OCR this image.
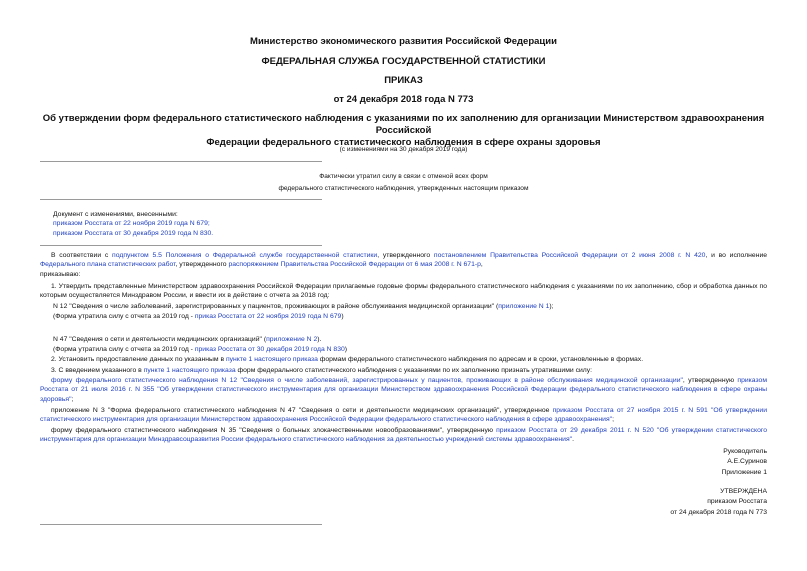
Министерство экономического развития Российской Федерации
ФЕДЕРАЛЬНАЯ СЛУЖБА ГОСУДАРСТВЕННОЙ СТАТИСТИКИ
ПРИКАЗ
от 24 декабря 2018 года N 773
Об утверждении форм федерального статистического наблюдения с указаниями по их заполнению для организации Министерством здравоохранения Российской
Федерации федерального статистического наблюдения в сфере охраны здоровья
(с изменениями на 30 декабря 2019 года)
Фактически утратил силу в связи с отменой всех форм
федерального статистического наблюдения, утвержденных настоящим приказом
Документ с изменениями, внесенными:
приказом Росстата от 22 ноября 2019 года N 679;
приказом Росстата от 30 декабря 2019 года N 830.
В соответствии с подпунктом 5.5 Положения о Федеральной службе государственной статистики, утвержденного постановлением Правительства Российской Федерации от 2 июня 2008 г. N 420, и во исполнение Федерального плана статистических работ, утвержденного распоряжением Правительства Российской Федерации от 6 мая 2008 г. N 671-р,
приказываю:
1. Утвердить представленные Министерством здравоохранения Российской Федерации прилагаемые годовые формы федерального статистического наблюдения с указаниями по их заполнению, сбор и обработка данных по которым осуществляется Минздравом России, и ввести их в действие с отчета за 2018 год:
N 12 "Сведения о числе заболеваний, зарегистрированных у пациентов, проживающих в районе обслуживания медицинской организации" (приложение N 1);
(Форма утратила силу с отчета за 2019 год - приказ Росстата от 22 ноября 2019 года N 679)
N 47 "Сведения о сети и деятельности медицинских организаций" (приложение N 2).
(Форма утратила силу с отчета за 2019 год - приказ Росстата от 30 декабря 2019 года N 830)
2. Установить предоставление данных по указанным в пункте 1 настоящего приказа формам федерального статистического наблюдения по адресам и в сроки, установленные в формах.
3. С введением указанного в пункте 1 настоящего приказа форм федерального статистического наблюдения с указаниями по их заполнению признать утратившими силу:
форму федерального статистического наблюдения N 12 "Сведения о числе заболеваний, зарегистрированных у пациентов, проживающих в районе обслуживания медицинской организации", утвержденную приказом Росстата от 21 июля 2016 г. N 355 "Об утверждении статистического инструментария для организации Министерством здравоохранения Российской Федерации федерального статистического наблюдения в сфере охраны здоровья";
приложение N 3 "Форма федерального статистического наблюдения N 47 "Сведения о сети и деятельности медицинских организаций", утвержденное приказом Росстата от 27 ноября 2015 г. N 591 "Об утверждении статистического инструментария для организации Министерством здравоохранения Российской Федерации федерального статистического наблюдения в сфере здравоохранения";
форму федерального статистического наблюдения N 35 "Сведения о больных злокачественными новообразованиями", утвержденную приказом Росстата от 29 декабря 2011 г. N 520 "Об утверждении статистического инструментария для организации Минздравсоцразвития России федерального статистического наблюдения за деятельностью учреждений системы здравоохранения".
Руководитель
А.Е.Суринов
Приложение 1
УТВЕРЖДЕНА
приказом Росстата
от 24 декабря 2018 года N 773
